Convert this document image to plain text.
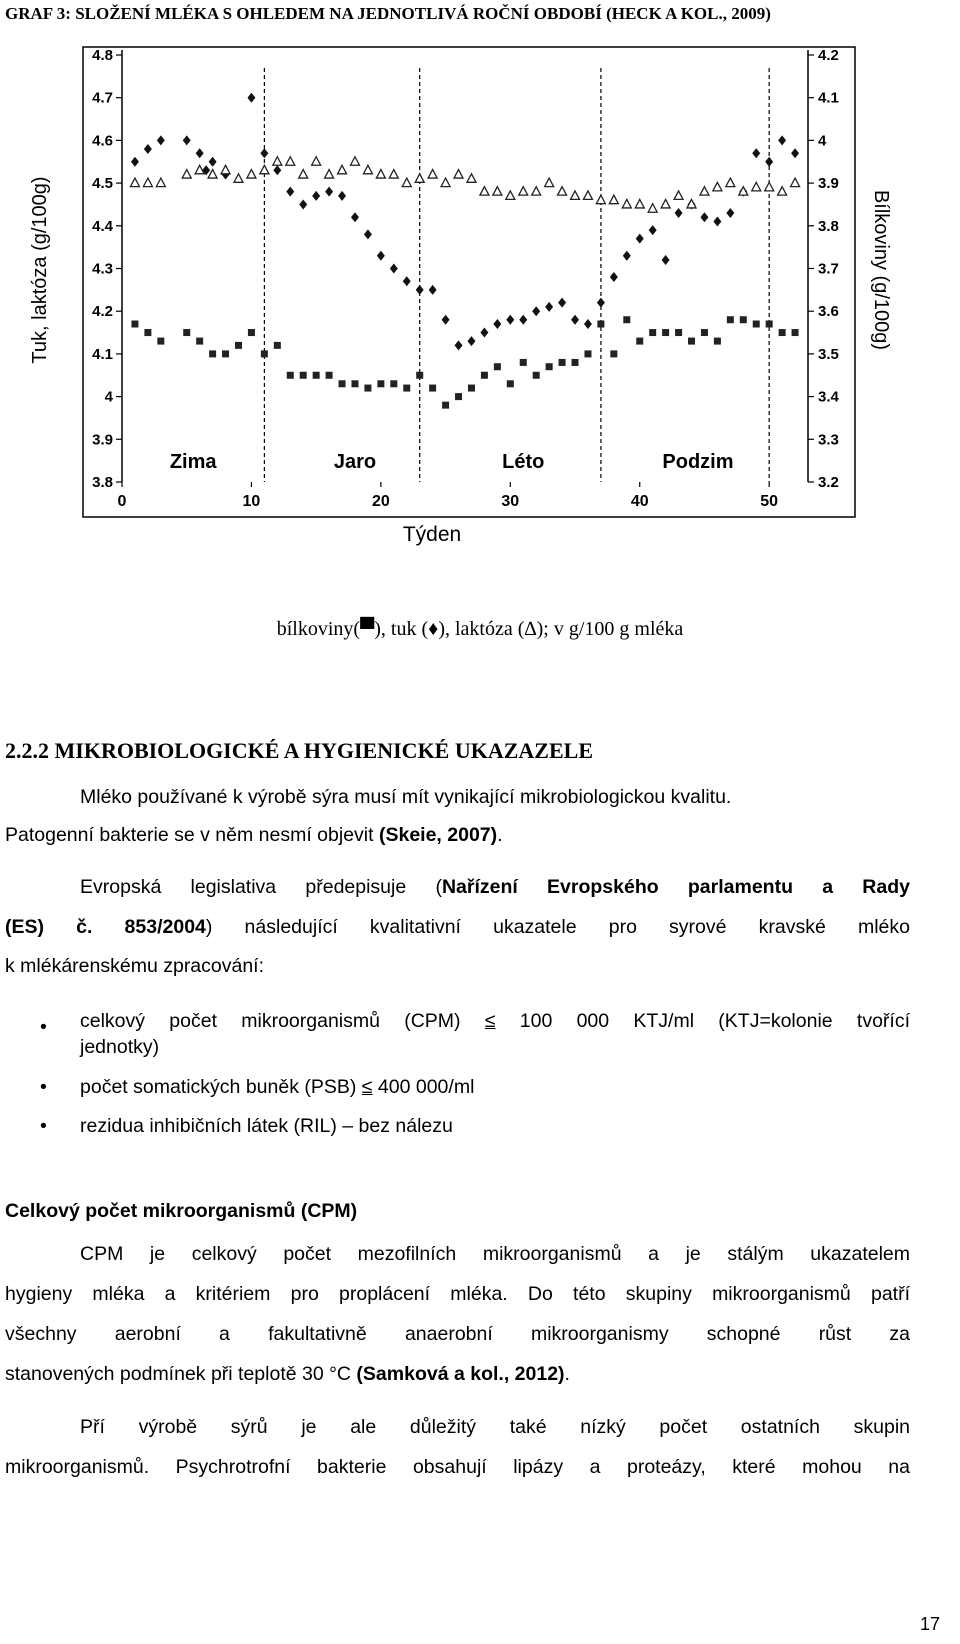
GRAF 3: SLOŽENÍ MLÉKA S OHLEDEM NA JEDNOTLIVÁ ROČNÍ OBDOBÍ (HECK A KOL., 2009)
4.8
4.7
4.6
4.5
4.4
4.3
4.2
4.1
4
3.9
3.8
4.2
4.1
4
3.9
3.8
3.7
3.6
3.5
3.4
3.3
3.2
0	10	20	30	40	50
Zima	Jaro	Léto	Podzim
Tuk, laktóza (g/100g)	Bílkoviny (g/100g)
Týden
bílkoviny(▀), tuk (♦), laktóza (∆); v g/100 g mléka
2.2.2 MIKROBIOLOGICKÉ A HYGIENICKÉ UKAZAZELE
Mléko používané k výrobě sýra musí mít vynikající mikrobiologickou kvalitu.
Patogenní bakterie se v něm nesmí objevit (Skeie, 2007).
Evropská legislativa předepisuje (Nařízení Evropského parlamentu a Rady
(ES) č. 853/2004) následující kvalitativní ukazatele pro syrové kravské mléko
k mlékárenskému zpracování:
• celkový počet mikroorganismů (CPM) ≤ 100 000 KTJ/ml (KTJ=kolonie tvořící
jednotky)
• počet somatických buněk (PSB) ≤ 400 000/ml
• rezidua inhibičních látek (RIL) – bez nálezu
Celkový počet mikroorganismů (CPM)
CPM je celkový počet mezofilních mikroorganismů a je stálým ukazatelem
hygieny mléka a kritériem pro proplácení mléka. Do této skupiny mikroorganismů patří
všechny aerobní a fakultativně anaerobní mikroorganismy schopné růst za
stanovených podmínek při teplotě 30 °C (Samková a kol., 2012).
Pří výrobě sýrů je ale důležitý také nízký počet ostatních skupin
mikroorganismů. Psychrotrofní bakterie obsahují lipázy a proteázy, které mohou na
17
